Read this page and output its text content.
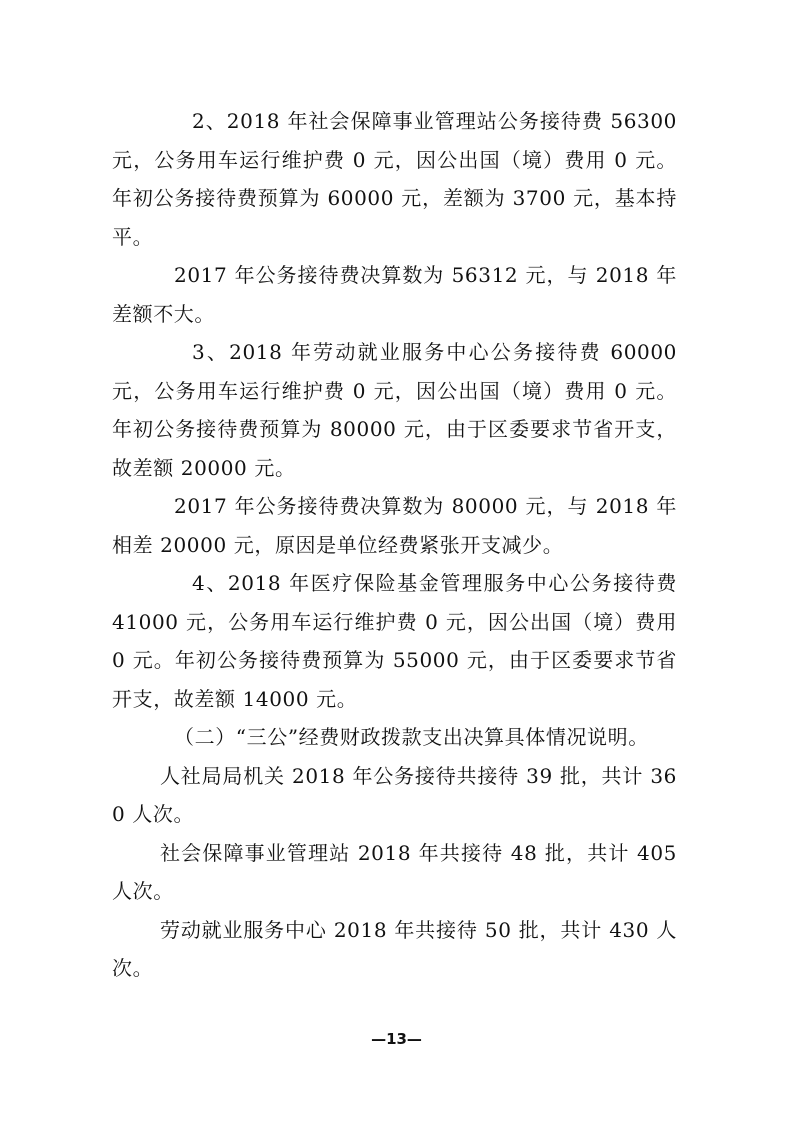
2、2018 年社会保障事业管理站公务接待费 56300 元，公务用车运行维护费 0 元，因公出国（境）费用 0 元。年初公务接待费预算为 60000 元，差额为 3700 元，基本持平。

2017 年公务接待费决算数为 56312 元，与 2018 年差额不大。

3、2018 年劳动就业服务中心公务接待费 60000 元，公务用车运行维护费 0 元，因公出国（境）费用 0 元。年初公务接待费预算为 80000 元，由于区委要求节省开支，故差额 20000 元。

2017 年公务接待费决算数为 80000 元，与 2018 年相差 20000 元，原因是单位经费紧张开支减少。

4、2018 年医疗保险基金管理服务中心公务接待费 41000 元，公务用车运行维护费 0 元，因公出国（境）费用 0 元。年初公务接待费预算为 55000 元，由于区委要求节省开支，故差额 14000 元。

（二）“三公”经费财政拨款支出决算具体情况说明。

人社局局机关 2018 年公务接待共接待 39 批，共计 360 人次。

社会保障事业管理站 2018 年共接待 48 批，共计 405 人次。

劳动就业服务中心 2018 年共接待 50 批，共计 430 人次。

—13—
